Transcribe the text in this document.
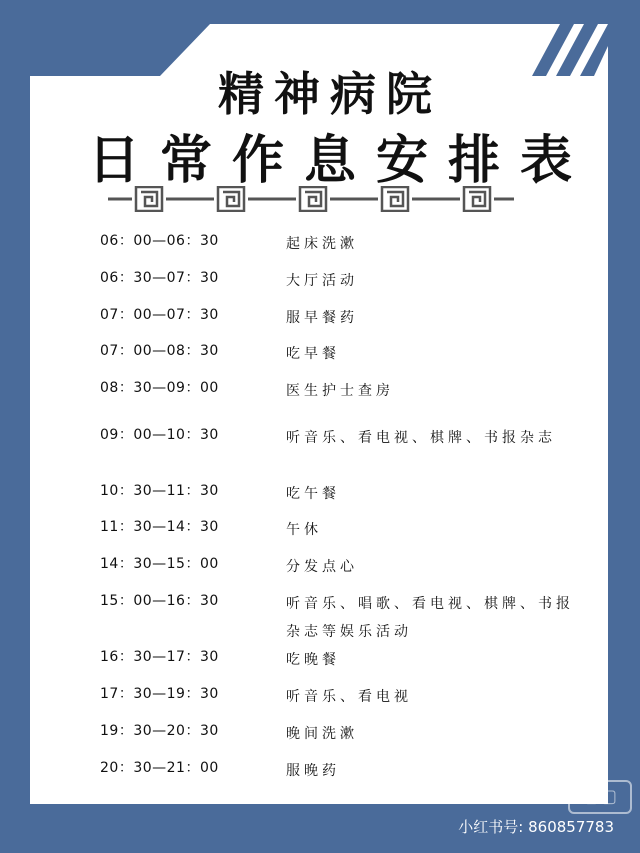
精神病院
日常作息安排表
06：00—06：30	起床洗漱
06：30—07：30	大厅活动
07：00—07：30	服早餐药
07：00—08：30	吃早餐
08：30—09：00	医生护士查房
09：00—10：30	听音乐、看电视、棋牌、书报杂志
10：30—11：30	吃午餐
11：30—14：30	午休
14：30—15：00	分发点心
15：00—16：30	听音乐、唱歌、看电视、棋牌、书报杂志等娱乐活动
16：30—17：30	吃晚餐
17：30—19：30	听音乐、看电视
19：30—20：30	晚间洗漱
20：30—21：00	服晚药
▢▢
小红书号: 860857783
